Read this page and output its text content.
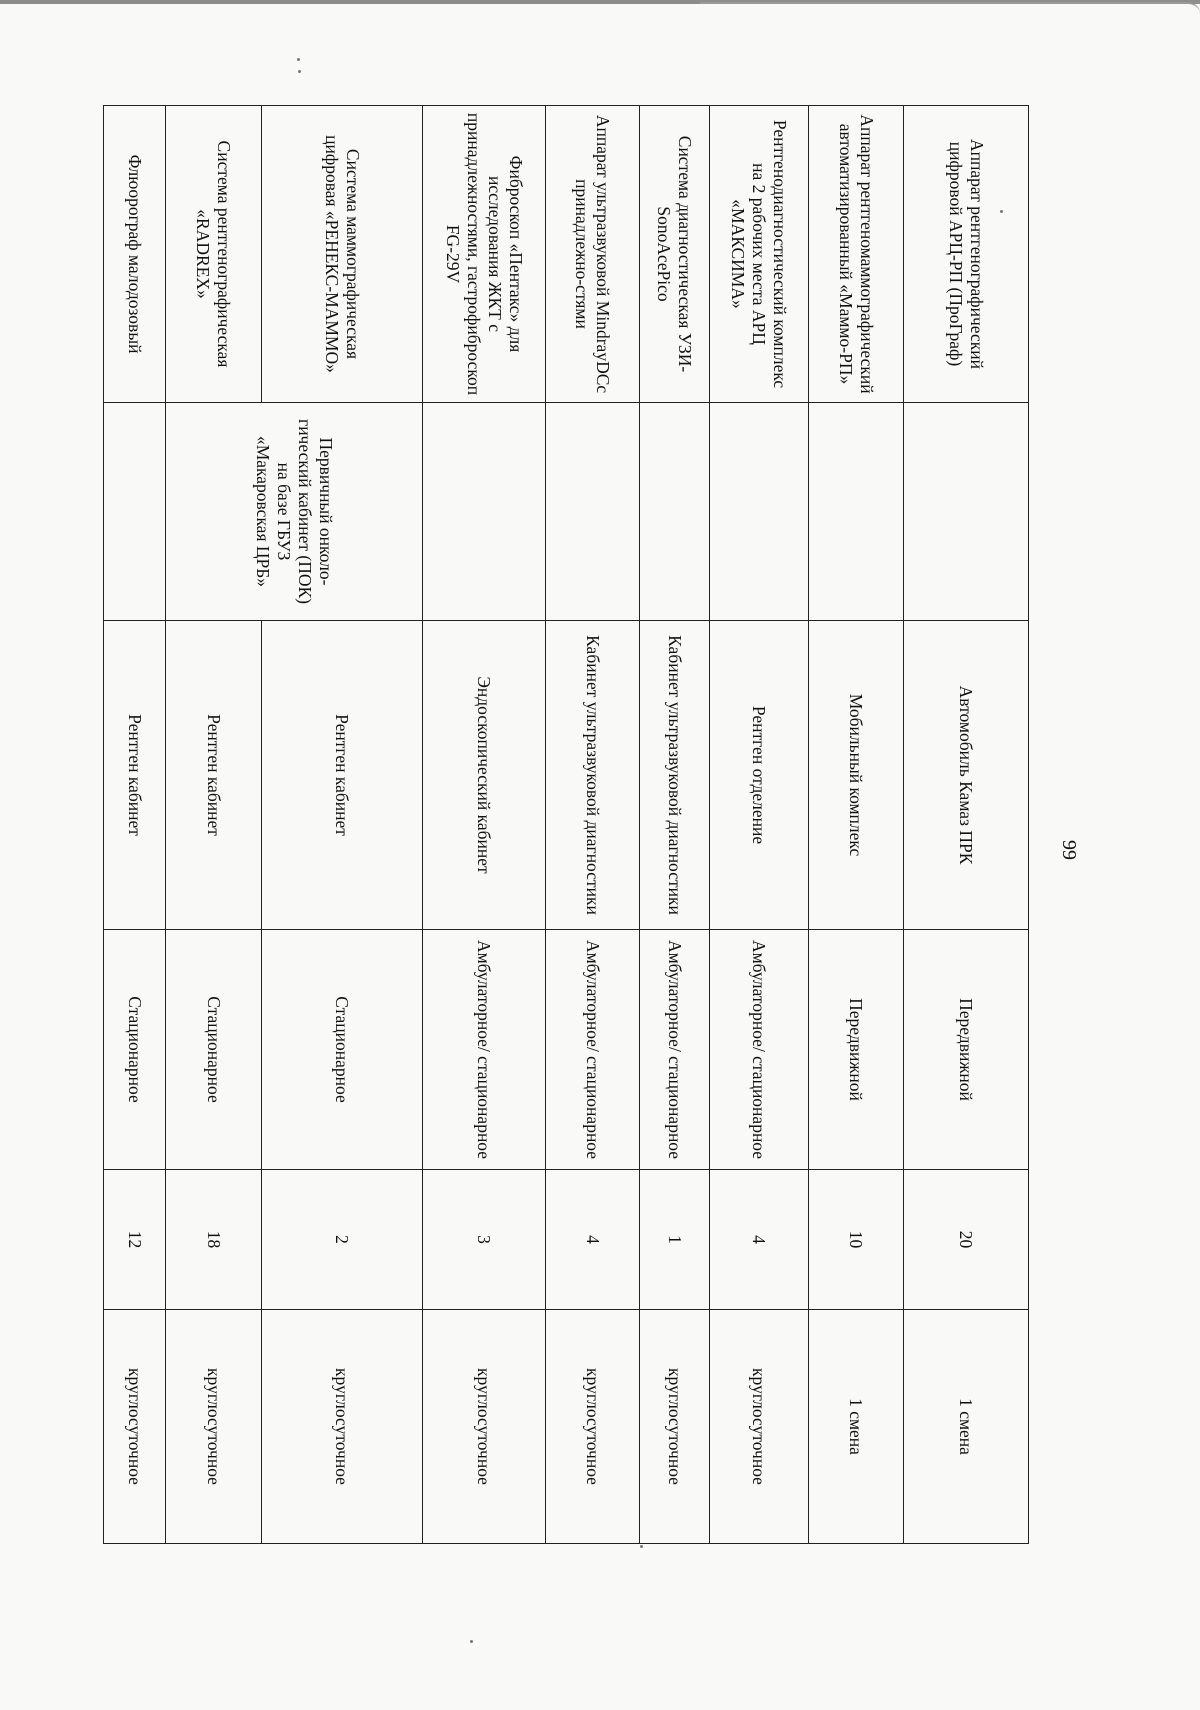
99
Аппарат рентгенографический цифровой АРЦ-РП (ПроГраф)		Автомобиль Камаз ПРК	Передвижной	20	1 смена
Аппарат рентгеномаммографический автоматизированный «Маммо-РП»		Мобильный комплекс	Передвижной	10	1 смена
Рентгенодиагностический комплекс на 2 рабочих места АРЦ «МАКСИМА»		Рентген отделение	Амбулаторное/ стационарное	4	круглосуточное
Система диагностическая УЗИ-SonoAcePico		Кабинет ультразвуковой диагностики	Амбулаторное/ стационарное	1	круглосуточное
Аппарат ультразвуковой MindrayDCc принадлежно-стями		Кабинет ультразвуковой диагностики	Амбулаторное/ стационарное	4	круглосуточное
Фиброскоп «Пентакс» для исследования ЖКТ с принадлежностями, гастрофиброскоп FG-29V		Эндоскопический кабинет	Амбулаторное/ стационарное	3	круглосуточное
Система маммографическая цифровая «РЕНЕКС-МАММО»	Первичный онколо-гический кабинет (ПОК) на базе ГБУЗ «Макаровская ЦРБ»	Рентген кабинет	Стационарное	2	круглосуточное
Система рентгенографическая «RADREX»		Рентген кабинет	Стационарное	18	круглосуточное
Флюорограф малодозовый		Рентген кабинет	Стационарное	12	круглосуточное
